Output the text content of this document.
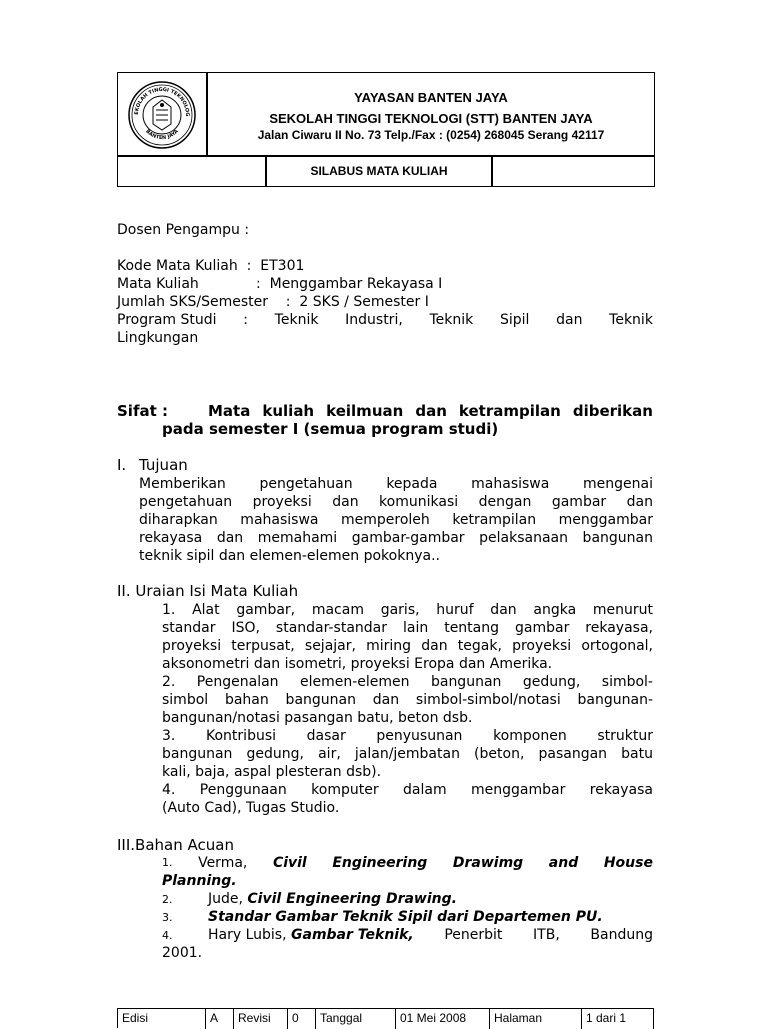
EKOLAH TINGGI TEKNOLOG
BANTEN JAYA
YAYASAN BANTEN JAYA
SEKOLAH TINGGI TEKNOLOGI (STT) BANTEN JAYA
Jalan Ciwaru II No. 73 Telp./Fax : (0254) 268045 Serang 42117
SILABUS MATA KULIAH
Dosen Pengampu :
Kode Mata Kuliah  :  ET301
Mata Kuliah	:  Menggambar Rekayasa I
Jumlah SKS/Semester    :  2 SKS / Semester I
Program Studi : Teknik Industri, Teknik Sipil dan Teknik
Lingkungan
Sifat :	Mata kuliah keilmuan dan ketrampilan diberikan
pada semester I (semua program studi)
I. Tujuan
Memberikan pengetahuan kepada mahasiswa mengenai
pengetahuan proyeksi dan komunikasi dengan gambar dan
diharapkan mahasiswa memperoleh ketrampilan menggambar
rekayasa dan memahami gambar-gambar pelaksanaan bangunan
teknik sipil dan elemen-elemen pokoknya..
II. Uraian Isi Mata Kuliah
1. Alat gambar, macam garis, huruf dan angka menurut
standar ISO, standar-standar lain tentang gambar rekayasa,
proyeksi terpusat, sejajar, miring dan tegak, proyeksi ortogonal,
aksonometri dan isometri, proyeksi Eropa dan Amerika.
2. Pengenalan elemen-elemen bangunan gedung, simbol-
simbol bahan bangunan dan simbol-simbol/notasi bangunan-
bangunan/notasi pasangan batu, beton dsb.
3. Kontribusi dasar penyusunan komponen struktur
bangunan gedung, air, jalan/jembatan (beton, pasangan batu
kali, baja, aspal plesteran dsb).
4. Penggunaan komputer dalam menggambar rekayasa
(Auto Cad), Tugas Studio.
III.Bahan Acuan
1. Verma, Civil Engineering Drawimg and House
Planning.
2.	Jude, Civil Engineering Drawing.
3.	Standar Gambar Teknik Sipil dari Departemen PU.
4.	Hary Lubis, Gambar Teknik, Penerbit ITB, Bandung
2001.
Edisi	A	Revisi	0	Tanggal	01 Mei 2008	Halaman	1 dari 1
